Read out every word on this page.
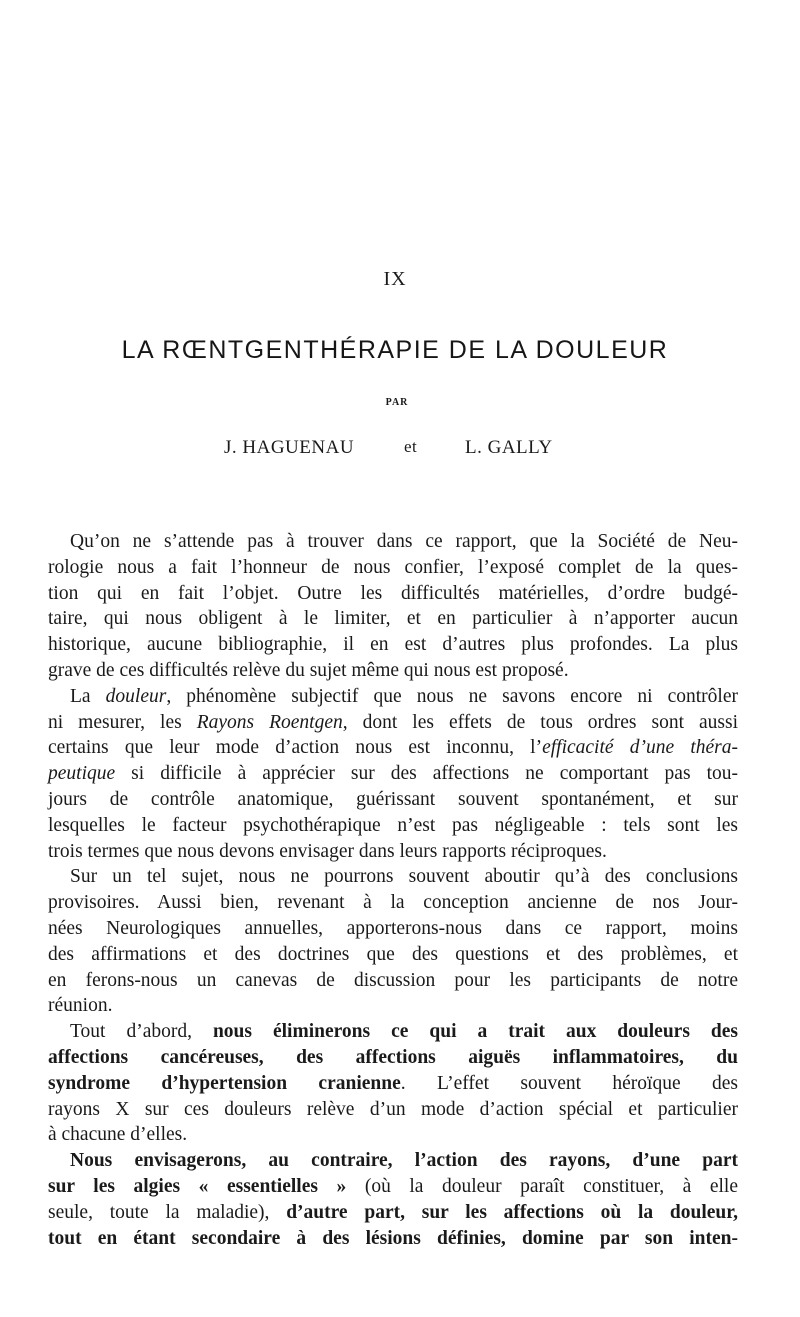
IX
LA RŒNTGENTHÉRAPIE DE LA DOULEUR
PAR
J. HAGUENAU	et	L. GALLY
Qu’on ne s’attende pas à trouver dans ce rapport, que la Société de Neu-
rologie nous a fait l’honneur de nous confier, l’exposé complet de la ques-
tion qui en fait l’objet. Outre les difficultés matérielles, d’ordre budgé-
taire, qui nous obligent à le limiter, et en particulier à n’apporter aucun
historique, aucune bibliographie, il en est d’autres plus profondes. La plus
grave de ces difficultés relève du sujet même qui nous est proposé.
La douleur, phénomène subjectif que nous ne savons encore ni contrôler
ni mesurer, les Rayons Roentgen, dont les effets de tous ordres sont aussi
certains que leur mode d’action nous est inconnu, l’efficacité d’une théra-
peutique si difficile à apprécier sur des affections ne comportant pas tou-
jours de contrôle anatomique, guérissant souvent spontanément, et sur
lesquelles le facteur psychothérapique n’est pas négligeable : tels sont les
trois termes que nous devons envisager dans leurs rapports réciproques.
Sur un tel sujet, nous ne pourrons souvent aboutir qu’à des conclusions
provisoires. Aussi bien, revenant à la conception ancienne de nos Jour-
nées Neurologiques annuelles, apporterons-nous dans ce rapport, moins
des affirmations et des doctrines que des questions et des problèmes, et
en ferons-nous un canevas de discussion pour les participants de notre
réunion.
Tout d’abord, nous éliminerons ce qui a trait aux douleurs des
affections cancéreuses, des affections aiguës inflammatoires, du
syndrome d’hypertension cranienne. L’effet souvent héroïque des
rayons X sur ces douleurs relève d’un mode d’action spécial et particulier
à chacune d’elles.
Nous envisagerons, au contraire, l’action des rayons, d’une part
sur les algies « essentielles » (où la douleur paraît constituer, à elle
seule, toute la maladie), d’autre part, sur les affections où la douleur,
tout en étant secondaire à des lésions définies, domine par son inten-
